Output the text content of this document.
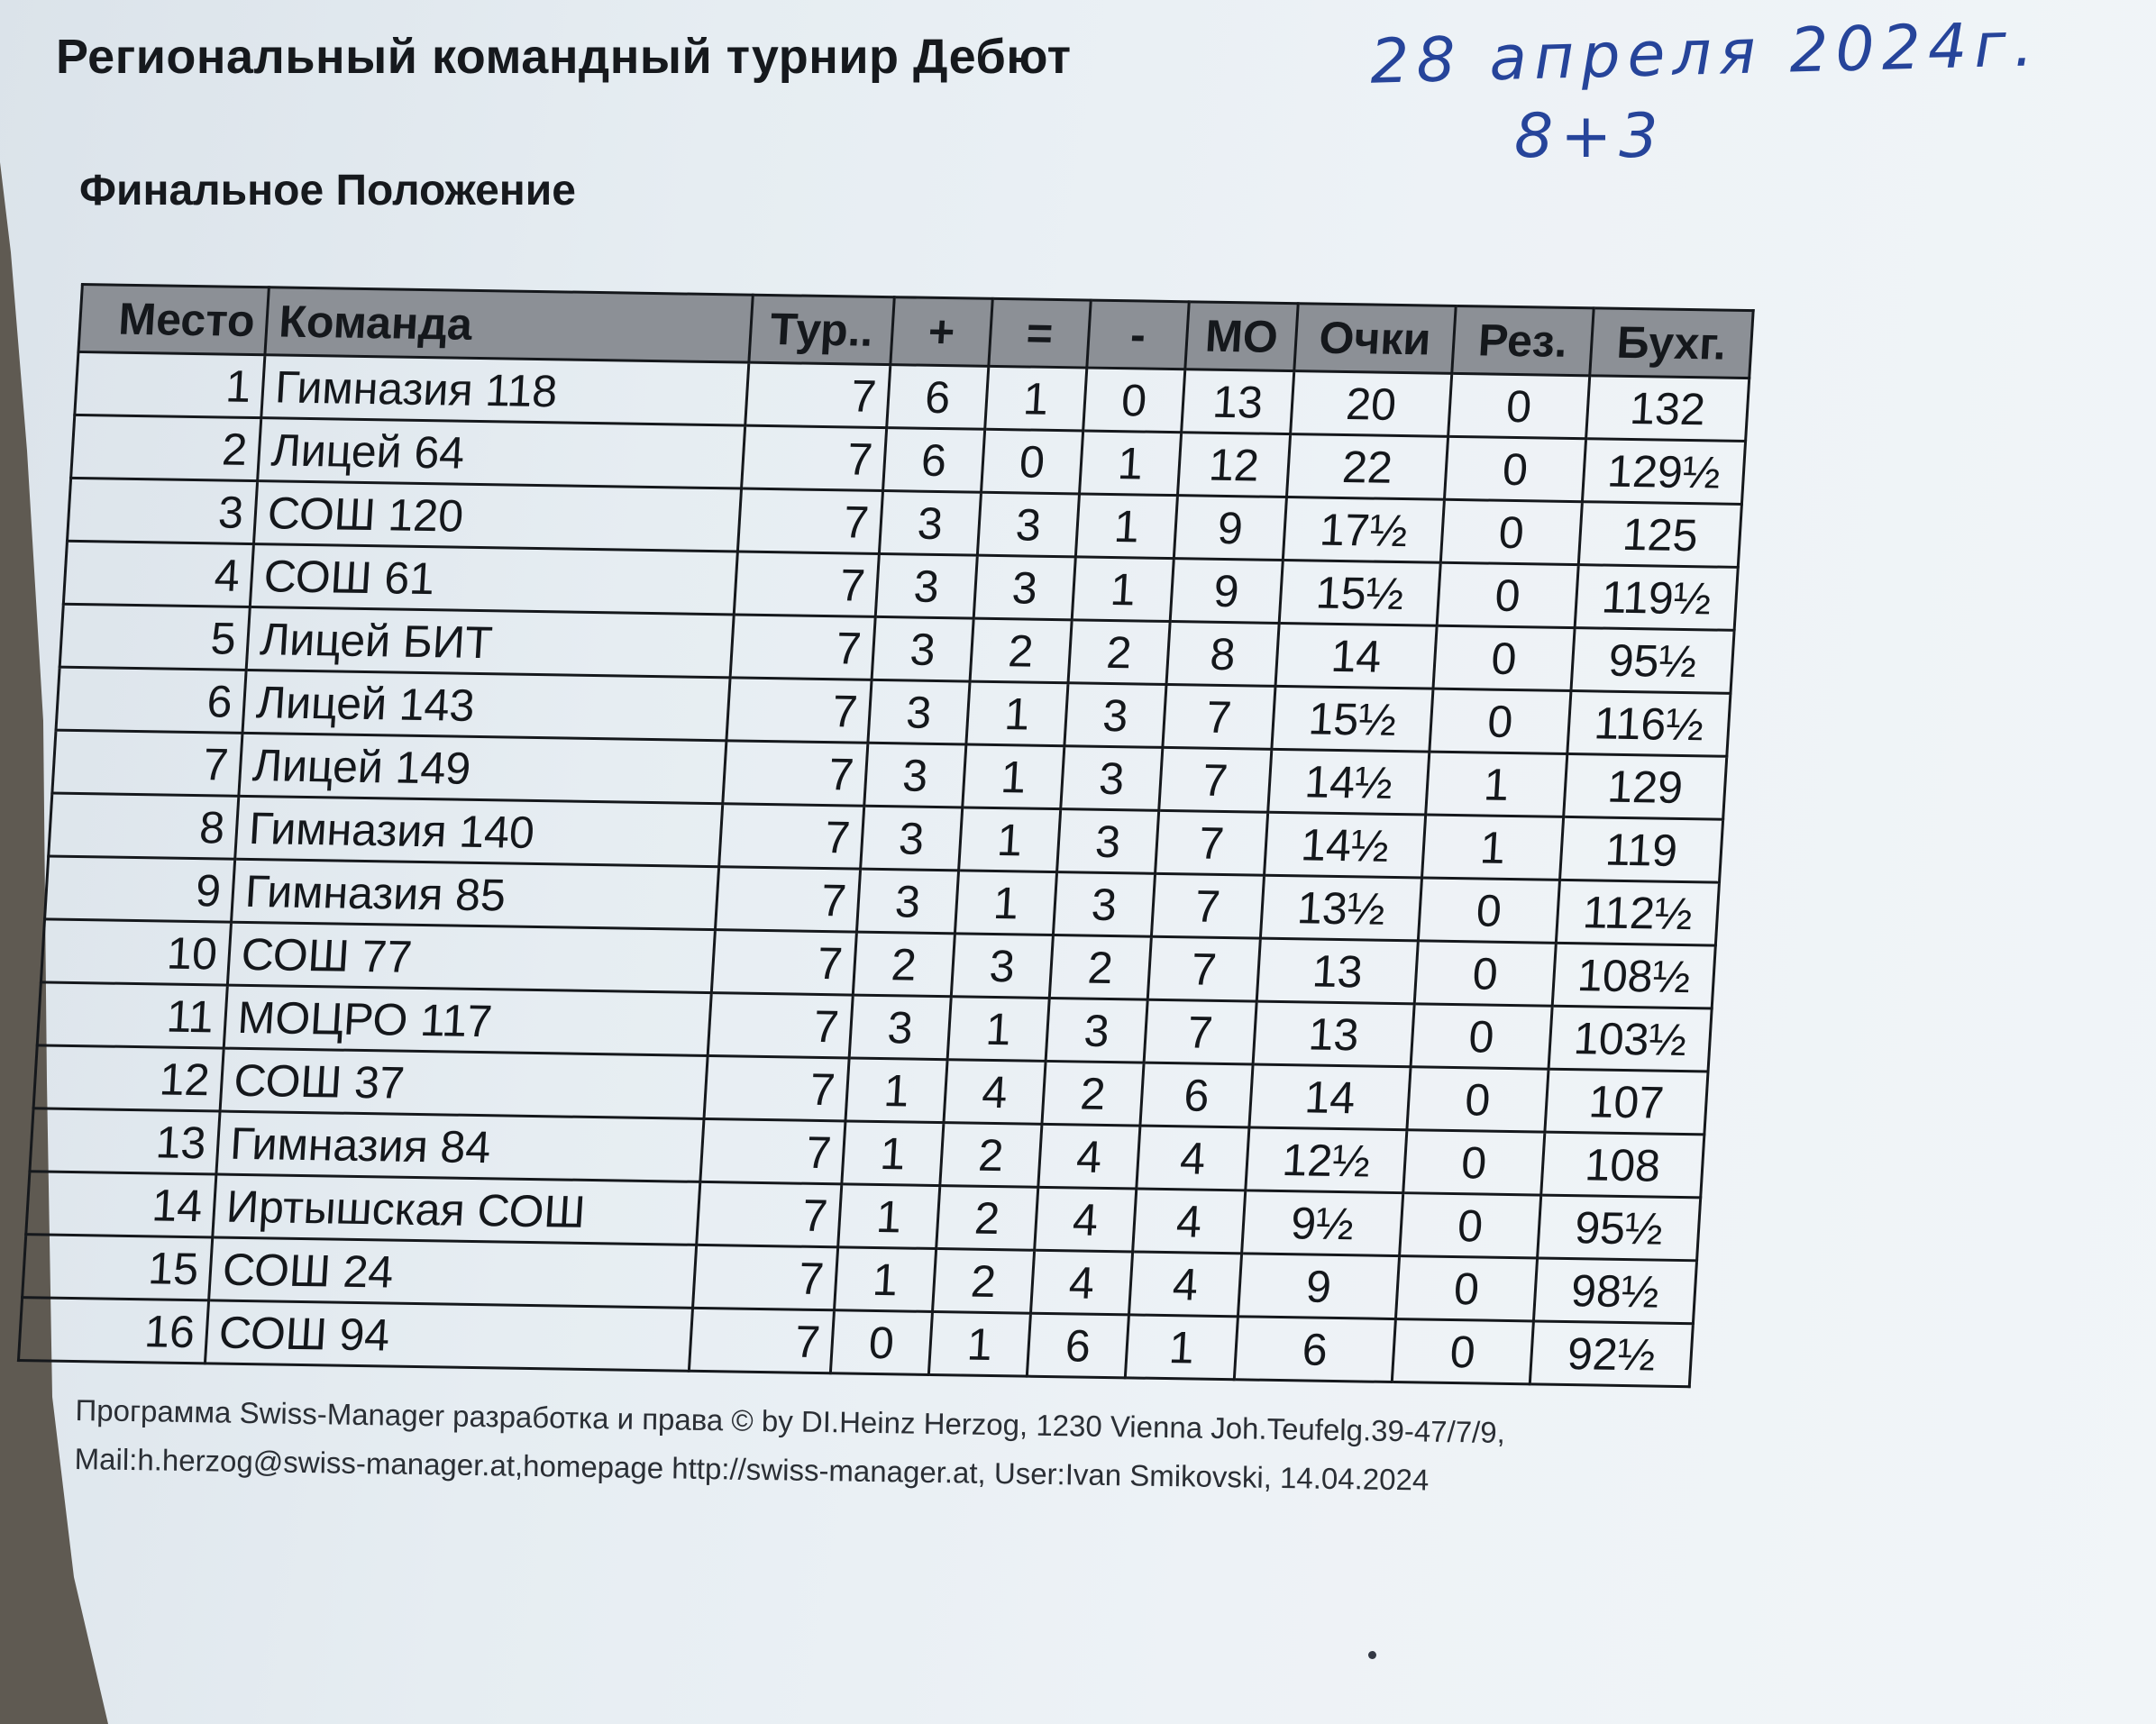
Региональный командный турнир Дебют
Финальное Положение
28 апреля 2024г.
8+3
Место	Команда	Тур..	+	=	-	МО	Очки	Рез.	Бухг.
1	Гимназия 118	7	6	1	0	13	20	0	132
2	Лицей 64	7	6	0	1	12	22	0	129½
3	СОШ 120	7	3	3	1	9	17½	0	125
4	СОШ 61	7	3	3	1	9	15½	0	119½
5	Лицей БИТ	7	3	2	2	8	14	0	95½
6	Лицей 143	7	3	1	3	7	15½	0	116½
7	Лицей 149	7	3	1	3	7	14½	1	129
8	Гимназия 140	7	3	1	3	7	14½	1	119
9	Гимназия 85	7	3	1	3	7	13½	0	112½
10	СОШ 77	7	2	3	2	7	13	0	108½
11	МОЦРО 117	7	3	1	3	7	13	0	103½
12	СОШ 37	7	1	4	2	6	14	0	107
13	Гимназия 84	7	1	2	4	4	12½	0	108
14	Иртышская СОШ	7	1	2	4	4	9½	0	95½
15	СОШ 24	7	1	2	4	4	9	0	98½
16	СОШ 94	7	0	1	6	1	6	0	92½
Программа Swiss-Manager разработка и права © by DI.Heinz Herzog, 1230 Vienna Joh.Teufelg.39-47/7/9,
Mail:h.herzog@swiss-manager.at,homepage http://swiss-manager.at, User:Ivan Smikovski, 14.04.2024
